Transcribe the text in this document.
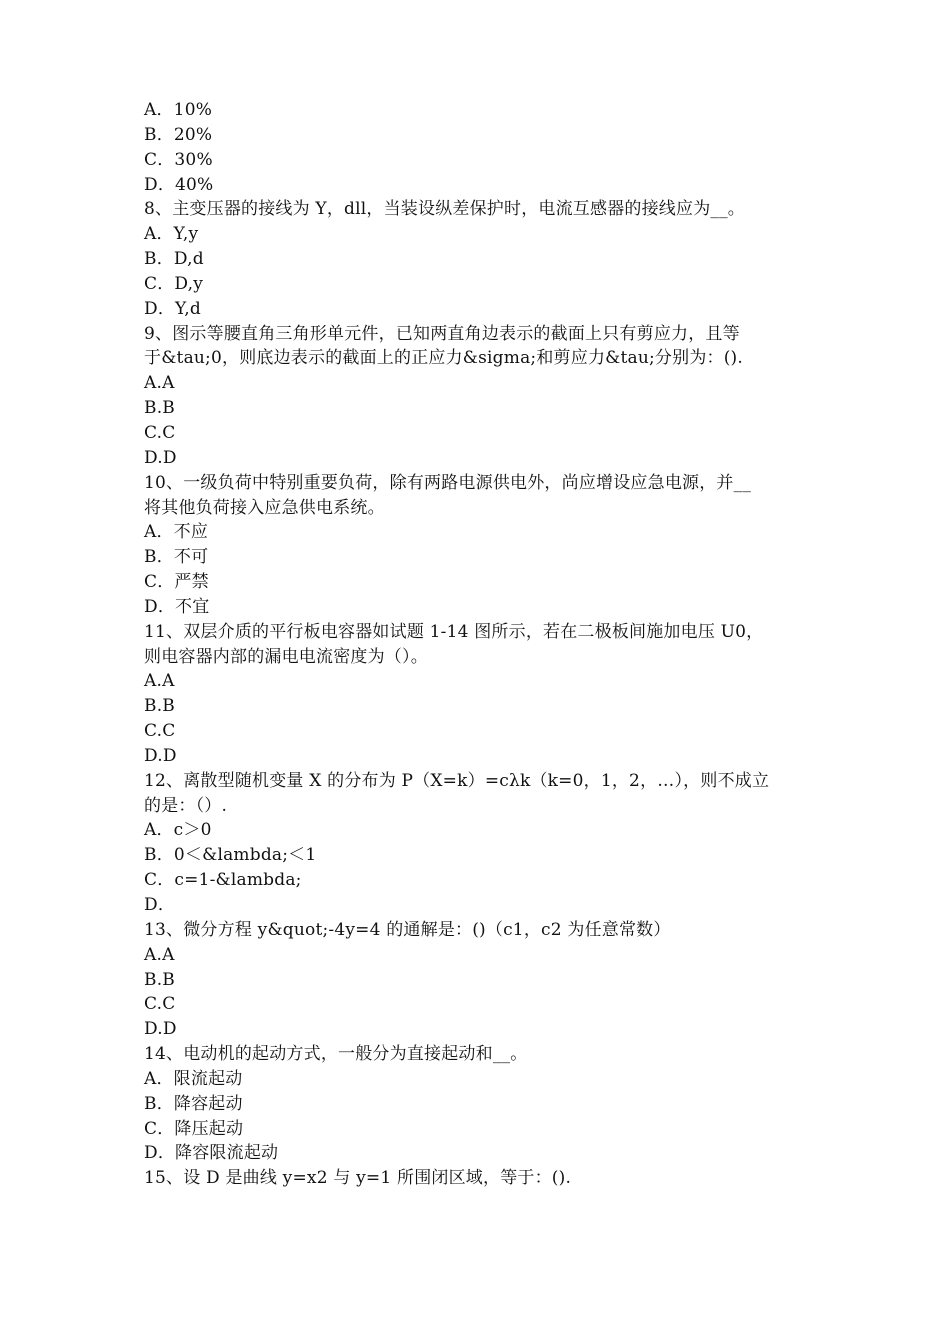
A．10%
B．20%
C．30%
D．40%
8、主变压器的接线为 Y，dll，当装设纵差保护时，电流互感器的接线应为__。
A．Y,y
B．D,d
C．D,y
D．Y,d
9、图示等腰直角三角形单元件，已知两直角边表示的截面上只有剪应力，且等
于&tau;0，则底边表示的截面上的正应力&sigma;和剪应力&tau;分别为：().
A.A
B.B
C.C
D.D
10、一级负荷中特别重要负荷，除有两路电源供电外，尚应增设应急电源，并__
将其他负荷接入应急供电系统。
A．不应
B．不可
C．严禁
D．不宜
11、双层介质的平行板电容器如试题 1-14 图所示，若在二极板间施加电压 U0，
则电容器内部的漏电电流密度为（）。
A.A
B.B
C.C
D.D
12、离散型随机变量 X 的分布为 P（X=k）=cλk（k=0，1，2，…），则不成立
的是：（）.
A．c＞0
B．0＜&lambda;＜1
C．c=1-&lambda;
D．
13、微分方程 y&quot;-4y=4 的通解是：()（c1，c2 为任意常数）
A.A
B.B
C.C
D.D
14、电动机的起动方式，一般分为直接起动和__。
A．限流起动
B．降容起动
C．降压起动
D．降容限流起动
15、设 D 是曲线 y=x2 与 y=1 所围闭区域，等于：().
